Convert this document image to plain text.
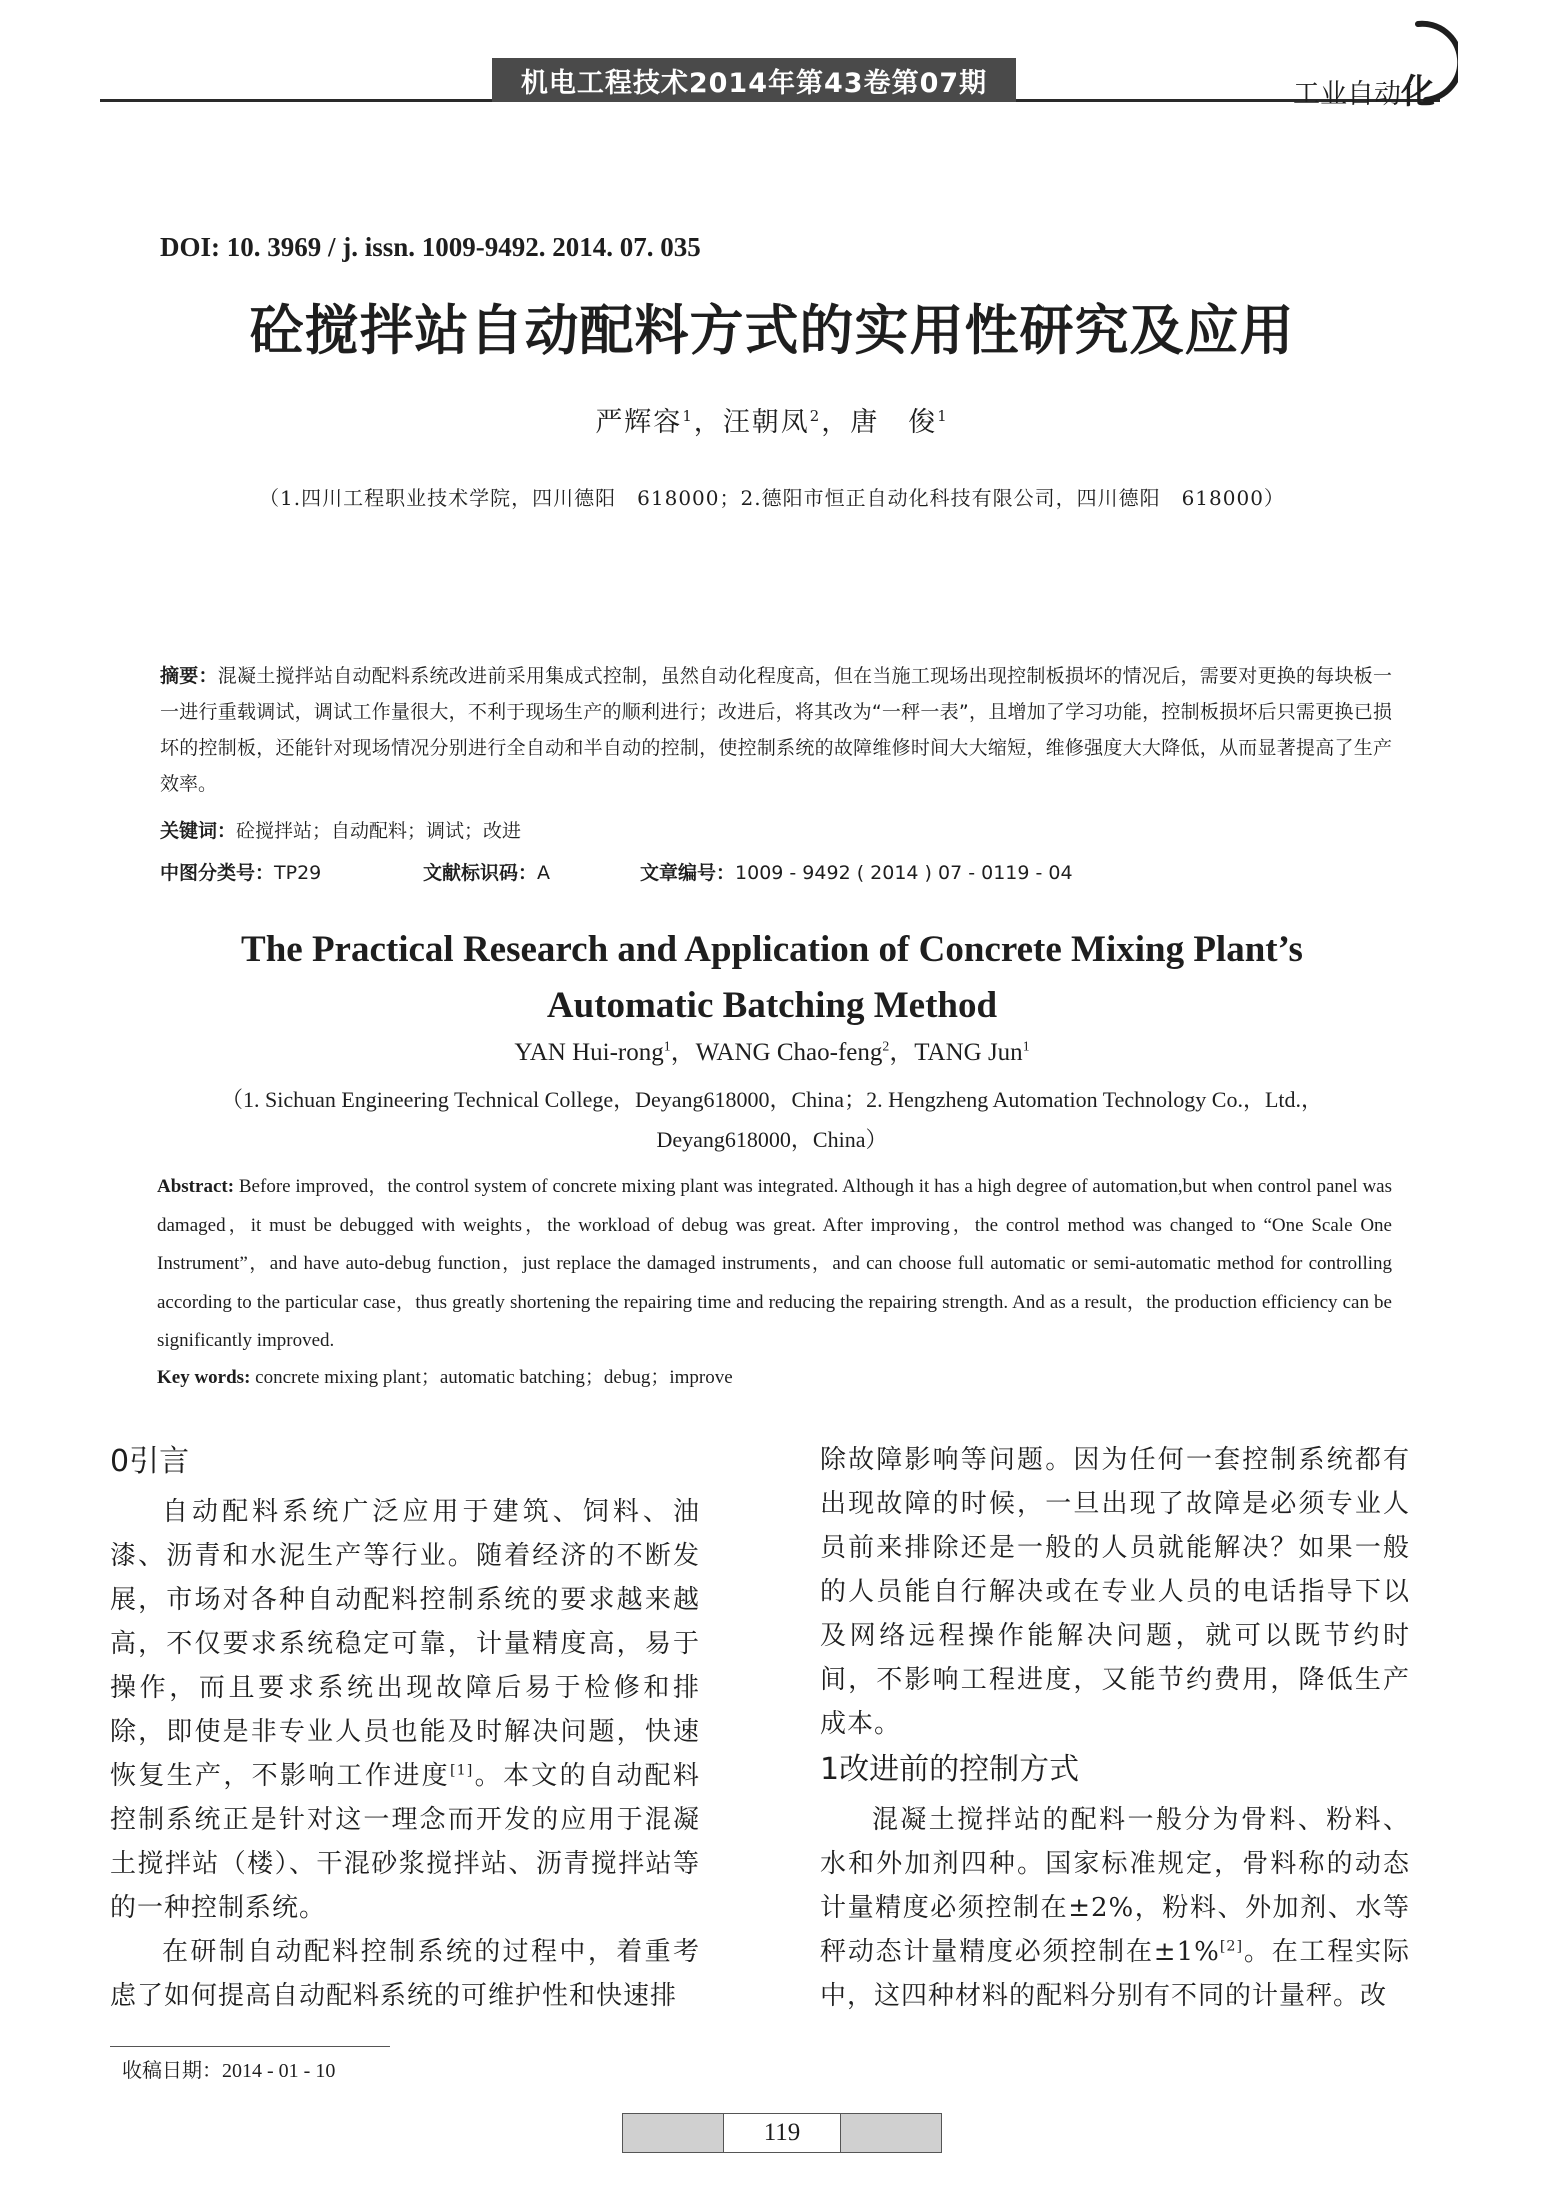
机电工程技术2014年第43卷第07期	工业自动化
DOI: 10. 3969 / j. issn. 1009-9492. 2014. 07. 035
砼搅拌站自动配料方式的实用性研究及应用
严辉容$^1$，汪朝凤$^2$，唐　俊$^1$
（1.四川工程职业技术学院，四川德阳　618000；2.德阳市恒正自动化科技有限公司，四川德阳　618000）
摘要：混凝土搅拌站自动配料系统改进前采用集成式控制，虽然自动化程度高，但在当施工现场出现控制板损坏的情况后，需要对更换的每块板一一进行重载调试，调试工作量很大，不利于现场生产的顺利进行；改进后，将其改为“一秤一表”，且增加了学习功能，控制板损坏后只需更换已损坏的控制板，还能针对现场情况分别进行全自动和半自动的控制，使控制系统的故障维修时间大大缩短，维修强度大大降低，从而显著提高了生产效率。
关键词：砼搅拌站；自动配料；调试；改进
中图分类号：TP29	文献标识码：A	文章编号：1009 - 9492 ( 2014 ) 07 - 0119 - 04
The Practical Research and Application of Concrete Mixing Plant’s
Automatic Batching Method
YAN Hui-rong$^1$，WANG Chao-feng$^2$，TANG Jun$^1$
（1. Sichuan Engineering Technical College，Deyang618000，China；2. Hengzheng Automation Technology Co.，Ltd.，
Deyang618000，China）
Abstract: Before improved，the control system of concrete mixing plant was integrated. Although it has a high degree of automation,but when control panel was damaged，it must be debugged with weights，the workload of debug was great. After improving，the control method was changed to “One Scale One Instrument”，and have auto-debug function，just replace the damaged instruments，and can choose full automatic or semi-automatic method for controlling according to the particular case，thus greatly shortening the repairing time and reducing the repairing strength. And as a result，the production efficiency can be significantly improved.
Key words: concrete mixing plant；automatic batching；debug；improve
0引言

自动配料系统广泛应用于建筑、饲料、油漆、沥青和水泥生产等行业。随着经济的不断发展，市场对各种自动配料控制系统的要求越来越高，不仅要求系统稳定可靠，计量精度高，易于操作，而且要求系统出现故障后易于检修和排除，即使是非专业人员也能及时解决问题，快速恢复生产，不影响工作进度[1]。本文的自动配料控制系统正是针对这一理念而开发的应用于混凝土搅拌站（楼）、干混砂浆搅拌站、沥青搅拌站等的一种控制系统。

在研制自动配料控制系统的过程中，着重考虑了如何提高自动配料系统的可维护性和快速排

除故障影响等问题。因为任何一套控制系统都有出现故障的时候，一旦出现了故障是必须专业人员前来排除还是一般的人员就能解决？如果一般的人员能自行解决或在专业人员的电话指导下以及网络远程操作能解决问题，就可以既节约时间，不影响工程进度，又能节约费用，降低生产成本。

1改进前的控制方式

混凝土搅拌站的配料一般分为骨料、粉料、水和外加剂四种。国家标准规定，骨料称的动态计量精度必须控制在±2%，粉料、外加剂、水等秤动态计量精度必须控制在±1%[2]。在工程实际中，这四种材料的配料分别有不同的计量秤。改

收稿日期：2014 - 01 - 10
119
